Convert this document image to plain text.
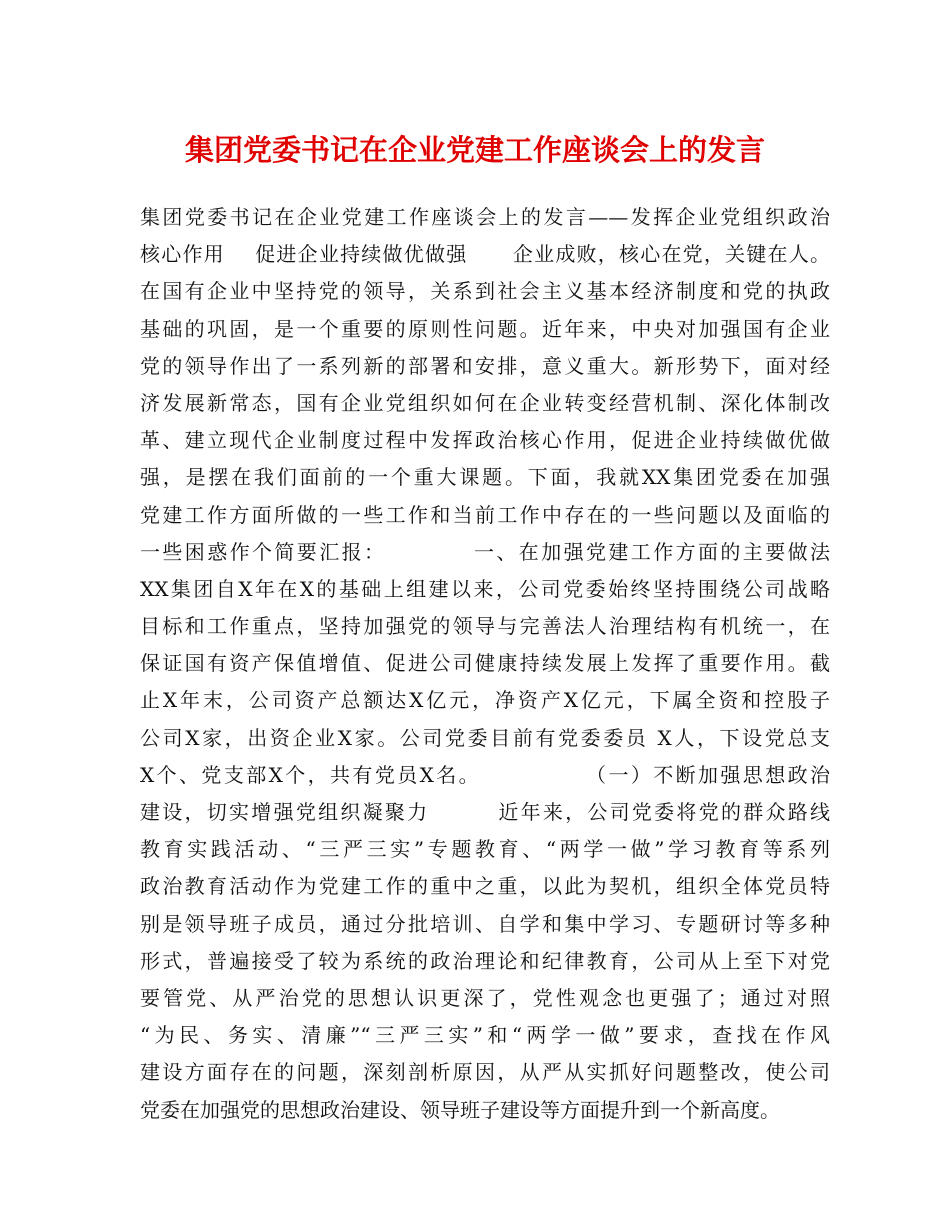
集团党委书记在企业党建工作座谈会上的发言
集团党委书记在企业党建工作座谈会上的发言——发挥企业党组织政治
核心作用    促进企业持续做优做强      企业成败，核心在党，关键在人。
在国有企业中坚持党的领导，关系到社会主义基本经济制度和党的执政
基础的巩固，是一个重要的原则性问题。近年来，中央对加强国有企业
党的领导作出了一系列新的部署和安排，意义重大。新形势下，面对经
济发展新常态，国有企业党组织如何在企业转变经营机制、深化体制改
革、建立现代企业制度过程中发挥政治核心作用，促进企业持续做优做
强，是摆在我们面前的一个重大课题。下面，我就XX集团党委在加强
党建工作方面所做的一些工作和当前工作中存在的一些问题以及面临的
一些困惑作个简要汇报：          一、在加强党建工作方面的主要做法
XX集团自X年在X的基础上组建以来，公司党委始终坚持围绕公司战略
目标和工作重点，坚持加强党的领导与完善法人治理结构有机统一，在
保证国有资产保值增值、促进公司健康持续发展上发挥了重要作用。截
止X年末，公司资产总额达X亿元，净资产X亿元，下属全资和控股子
公司X家，出资企业X家。公司党委目前有党委委员 X人，下设党总支
X个、党支部X个，共有党员X名。            （一）不断加强思想政治
建设，切实增强党组织凝聚力        近年来，公司党委将党的群众路线
教育实践活动、“三严三实”专题教育、“两学一做”学习教育等系列
政治教育活动作为党建工作的重中之重，以此为契机，组织全体党员特
别是领导班子成员，通过分批培训、自学和集中学习、专题研讨等多种
形式，普遍接受了较为系统的政治理论和纪律教育，公司从上至下对党
要管党、从严治党的思想认识更深了，党性观念也更强了；通过对照
“为民、务实、清廉”“三严三实”和“两学一做”要求，查找在作风
建设方面存在的问题，深刻剖析原因，从严从实抓好问题整改，使公司
党委在加强党的思想政治建设、领导班子建设等方面提升到一个新高度。
